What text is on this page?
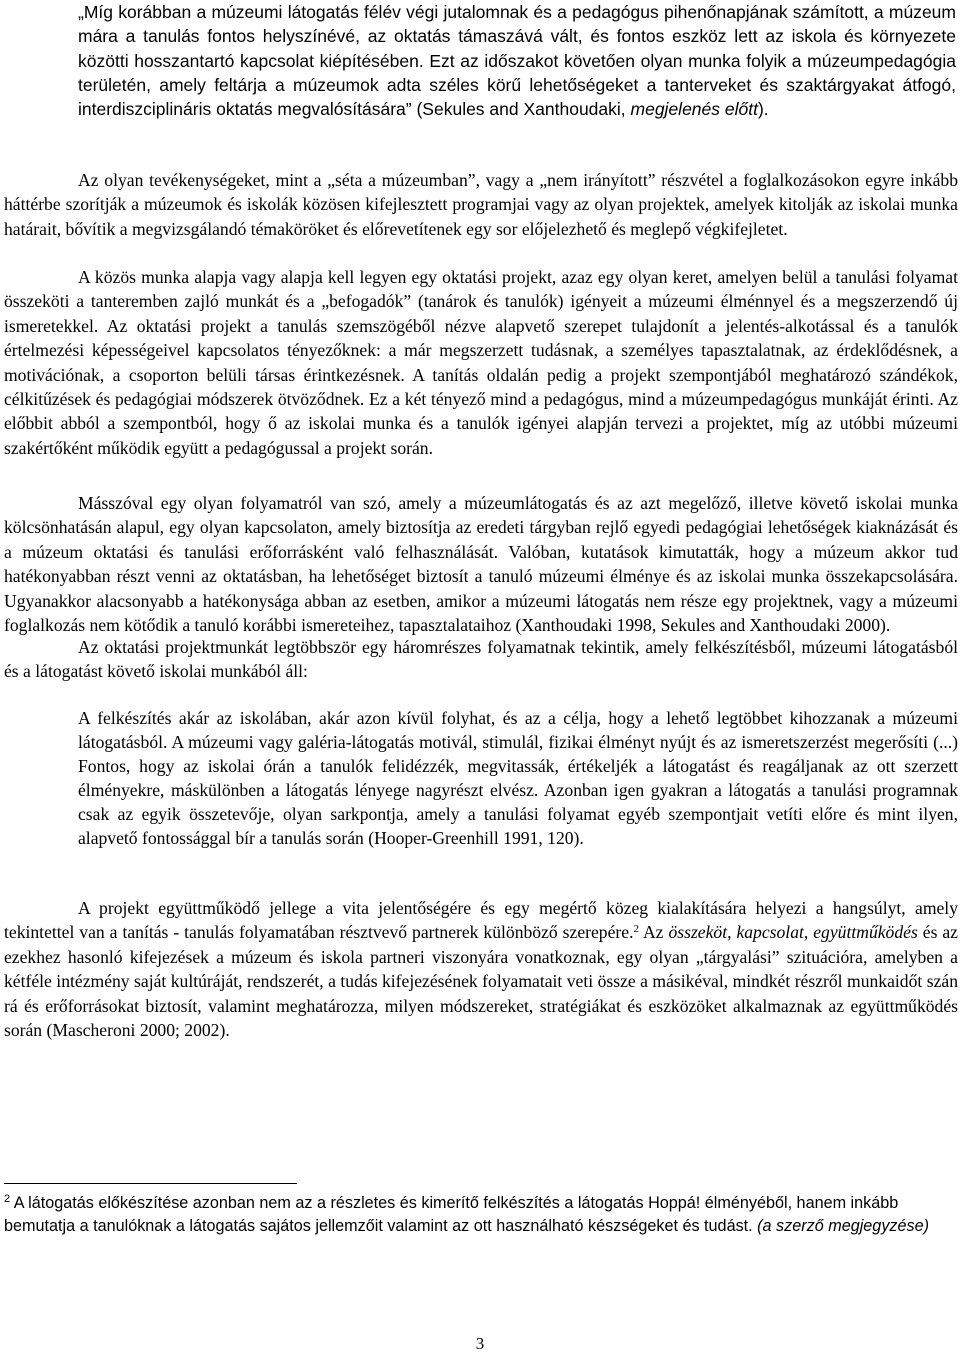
„Míg korábban a múzeumi látogatás félév végi jutalomnak és a pedagógus pihenőnapjának számított, a múzeum mára a tanulás fontos helyszínévé, az oktatás támaszává vált, és fontos eszköz lett az iskola és környezete közötti hosszantartó kapcsolat kiépítésében. Ezt az időszakot követően olyan munka folyik a múzeumpedagógia területén, amely feltárja a múzeumok adta széles körű lehetőségeket a tanterveket és szaktárgyakat átfogó, interdiszciplináris oktatás megvalósítására” (Sekules and Xanthoudaki, megjelenés előtt).

Az olyan tevékenységeket, mint a „séta a múzeumban”, vagy a „nem irányított” részvétel a foglalkozásokon egyre inkább háttérbe szorítják a múzeumok és iskolák közösen kifejlesztett programjai vagy az olyan projektek, amelyek kitolják az iskolai munka határait, bővítik a megvizsgálandó témaköröket és előrevetítenek egy sor előjelezhető és meglepő végkifejletet.

A közös munka alapja vagy alapja kell legyen egy oktatási projekt, azaz egy olyan keret, amelyen belül a tanulási folyamat összeköti a tanteremben zajló munkát és a „befogadók” (tanárok és tanulók) igényeit a múzeumi élménnyel és a megszerzendő új ismeretekkel. Az oktatási projekt a tanulás szemszögéből nézve alapvető szerepet tulajdonít a jelentés-alkotással és a tanulók értelmezési képességeivel kapcsolatos tényezőknek: a már megszerzett tudásnak, a személyes tapasztalatnak, az érdeklődésnek, a motivációnak, a csoporton belüli társas érintkezésnek. A tanítás oldalán pedig a projekt szempontjából meghatározó szándékok, célkitűzések és pedagógiai módszerek ötvöződnek. Ez a két tényező mind a pedagógus, mind a múzeumpedagógus munkáját érinti. Az előbbit abból a szempontból, hogy ő az iskolai munka és a tanulók igényei alapján tervezi a projektet, míg az utóbbi múzeumi szakértőként működik együtt a pedagógussal a projekt során.

Másszóval egy olyan folyamatról van szó, amely a múzeumlátogatás és az azt megelőző, illetve követő iskolai munka kölcsönhatásán alapul, egy olyan kapcsolaton, amely biztosítja az eredeti tárgyban rejlő egyedi pedagógiai lehetőségek kiaknázását és a múzeum oktatási és tanulási erőforrásként való felhasználását. Valóban, kutatások kimutatták, hogy a múzeum akkor tud hatékonyabban részt venni az oktatásban, ha lehetőséget biztosít a tanuló múzeumi élménye és az iskolai munka összekapcsolására. Ugyanakkor alacsonyabb a hatékonysága abban az esetben, amikor a múzeumi látogatás nem része egy projektnek, vagy a múzeumi foglalkozás nem kötődik a tanuló korábbi ismereteihez, tapasztalataihoz (Xanthoudaki 1998, Sekules and Xanthoudaki 2000).

Az oktatási projektmunkát legtöbbször egy háromrészes folyamatnak tekintik, amely felkészítésből, múzeumi látogatásból és a látogatást követő iskolai munkából áll:

A felkészítés akár az iskolában, akár azon kívül folyhat, és az a célja, hogy a lehető legtöbbet kihozzanak a múzeumi látogatásból. A múzeumi vagy galéria-látogatás motivál, stimulál, fizikai élményt nyújt és az ismeretszerzést megerősíti (...) Fontos, hogy az iskolai órán a tanulók felidézzék, megvitassák, értékeljék a látogatást és reagáljanak az ott szerzett élményekre, máskülönben a látogatás lényege nagyrészt elvész. Azonban igen gyakran a látogatás a tanulási programnak csak az egyik összetevője, olyan sarkpontja, amely a tanulási folyamat egyéb szempontjait vetíti előre és mint ilyen, alapvető fontossággal bír a tanulás során (Hooper-Greenhill 1991, 120).

A projekt együttműködő jellege a vita jelentőségére és egy megértő közeg kialakítására helyezi a hangsúlyt, amely tekintettel van a tanítás - tanulás folyamatában résztvevő partnerek különböző szerepére.$^2$ Az összeköt, kapcsolat, együttműködés és az ezekhez hasonló kifejezések a múzeum és iskola partneri viszonyára vonatkoznak, egy olyan „tárgyalási” szituációra, amelyben a kétféle intézmény saját kultúráját, rendszerét, a tudás kifejezésének folyamatait veti össze a másikéval, mindkét részről munkaidőt szán rá és erőforrásokat biztosít, valamint meghatározza, milyen módszereket, stratégiákat és eszközöket alkalmaznak az együttműködés során (Mascheroni 2000; 2002).

$^2$ A látogatás előkészítése azonban nem az a részletes és kimerítő felkészítés a látogatás Hoppá! élményéből, hanem inkább bemutatja a tanulóknak a látogatás sajátos jellemzőit valamint az ott használható készségeket és tudást. (a szerző megjegyzése)

3
